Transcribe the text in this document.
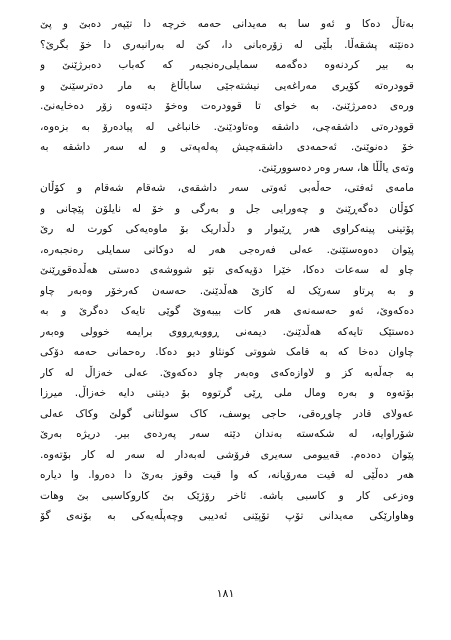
بەتاڵ دەکا و ئەو سا بە مەیدانی حەمە خرچە دا تێپەر دەبێ و پێ
دەنێتە پشقەڵا. بڵێی لە زۆرەبانی دا، کێ لە بەرانبەری دا خۆ بگرێ؟
بە بیر کردنەوە دەگەمە سمایلی‌رەنجبەر کە کەباب دەبرژێنێ و
قوودرەتە کۆیری مەراغەیی نیشتەجێی ساباڵاغ بە مار دەترسێنێ و
ورەی دەمرژێنێ. بە خوای تا قوودرەت وەخۆ دێتەوە زۆر دەخایەنێ.
قوودرەتی داشقەچی، داشقە وەتاودێنێ. خانباغی لە پیادەرۆ بە بزەوە،
خۆ دەنوێنێ. ئەحمەدی داشقەچیش پەلەپەتی و لە سەر داشقە بە
وتەی یاڵڵا ها، سەر وەر دەسوورێنێ.
مامەی ئەفتی، حەڵەبی ئەوتی سەر داشقەی، شەقام شەقام و کۆڵان
کۆڵان دەگەڕێنێ و چەورایی جل و بەرگی و خۆ لە نایلۆن پێچانی و
پۆتینی پینەکراوی هەر ڕێبوار و دڵداریک بۆ ماوەیەکی کورت لە رێ
پێوان دەوەستێنێ. عەلی فەرەجی هەر لە دوکانی سمایلی رەنجبەرە،
چاو لە سەعات دەکا، خێرا دۆیەکەی نێو شووشەی دەستی هەڵدەقوڕێنێ
و بە پرتاو سەرێک لە کازێ هەڵدێنێ. حەسەن کەرخۆر وەبەر چاو
دەکەوێ، ئەو حەسەنەی هەر کات بیبەوێ گوێی تایەک دەگرێ و بە
دەستێک تایەکە هەڵدێنێ. دیمەنی ڕووبەڕووی برایمە خوولی وەبەر
چاوان دەخا کە بە قامک شووتی کونئاو دیو دەکا. رەحمانی حەمە دۆکی
بە جەڵەبە کز و لاوازەکەی وەبەر چاو دەکەوێ. عەلی خەزاڵ لە کار
بۆتەوە و بەرە ومال ملی ڕێی گرتووە بۆ دیتنی دایە خەزاڵ. میرزا
عەولای قادر چاوڕەقی، حاجی یوسف، کاک سولتانی گولێ وکاک عەلی
شۆراوایە، لە شکەستە بەندان دێتە سەر پەردەی بیر. دریژە بەرێ
پێوان دەدەم. قەییومی سەیری فرۆشی لەبەدار لە سەر لە کار بۆتەوە.
هەر دەڵێی لە قیت مەرۆیانە، کە وا قیت وقوز بەرێ دا دەروا. وا دیارە
وەزعی کار و کاسبی باشە. ئاخر رۆژێک بێ کاروکاسبی بێ وهات
وهاوارێکی مەیدانی تۆپ تۆپێنی ئەدیبی وچەپڵەیەکی بە بۆنەی گۆ
١٨١
